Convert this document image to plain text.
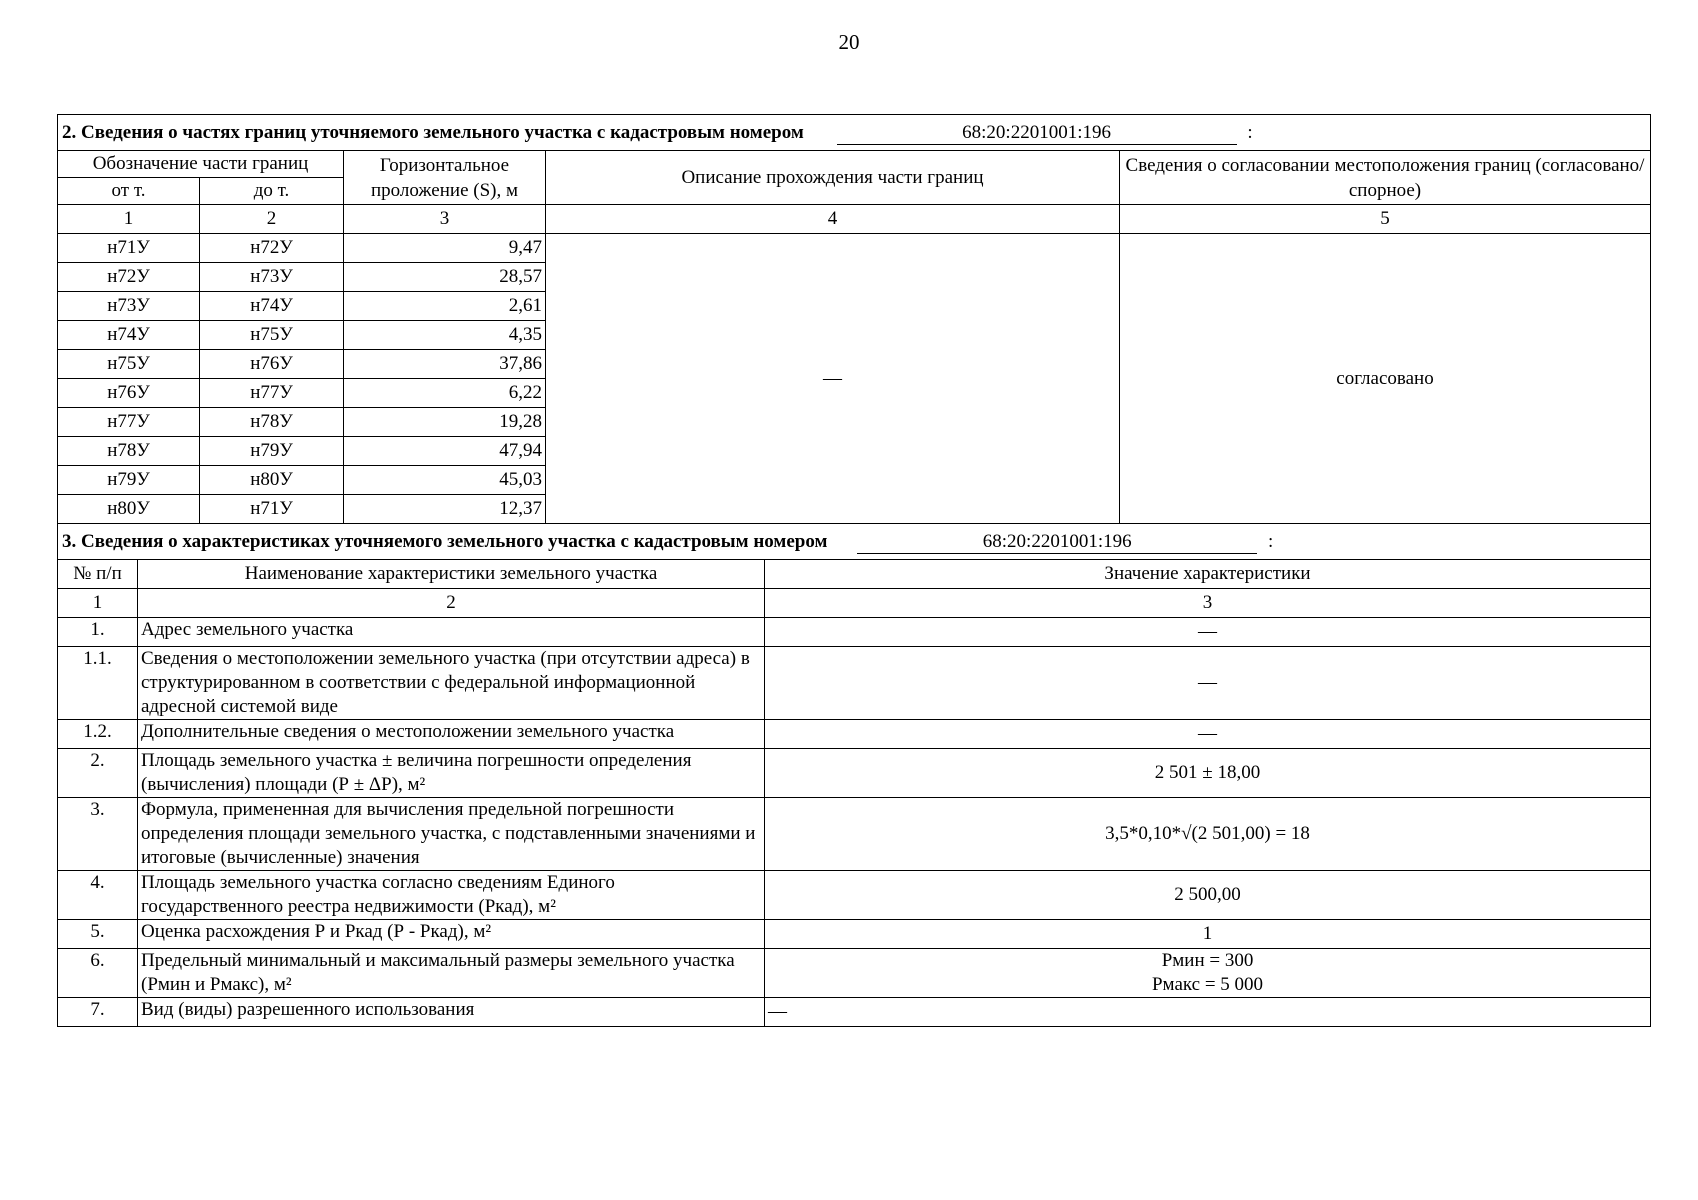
20
2. Сведения о частях границ уточняемого земельного участка с кадастровым номером 68:20:2201001:196 :				
Обозначение части границ		Горизонтальное проложение (S), м	Описание прохождения части границ	Сведения о согласовании местоположения границ (согласовано/спорное)
от т.	до т.			
1	2	3	4	5
н71У	н72У	9,47	—	согласовано
н72У	н73У	28,57		
н73У	н74У	2,61		
н74У	н75У	4,35		
н75У	н76У	37,86		
н76У	н77У	6,22		
н77У	н78У	19,28		
н78У	н79У	47,94		
н79У	н80У	45,03		
н80У	н71У	12,37		
3. Сведения о характеристиках уточняемого земельного участка с кадастровым номером 68:20:2201001:196 :		
№ п/п	Наименование характеристики земельного участка	Значение характеристики
1	2	3
1.	Адрес земельного участка	—
1.1.	Сведения о местоположении земельного участка (при отсутствии адреса) в структурированном в соответствии с федеральной информационной адресной системой виде	—
1.2.	Дополнительные сведения о местоположении земельного участка	—
2.	Площадь земельного участка ± величина погрешности определения (вычисления) площади (Р ± ΔР), м²	2 501 ± 18,00
3.	Формула, примененная для вычисления предельной погрешности определения площади земельного участка, с подставленными значениями и итоговые (вычисленные) значения	3,5*0,10*√(2 501,00) = 18
4.	Площадь земельного участка согласно сведениям Единого государственного реестра недвижимости (Ркад), м²	2 500,00
5.	Оценка расхождения Р и Ркад (Р - Ркад), м²	1
6.	Предельный минимальный и максимальный размеры земельного участка (Рмин и Рмакс), м²	Рмин = 300
Рмакс = 5 000

7.	Вид (виды) разрешенного использования	—
